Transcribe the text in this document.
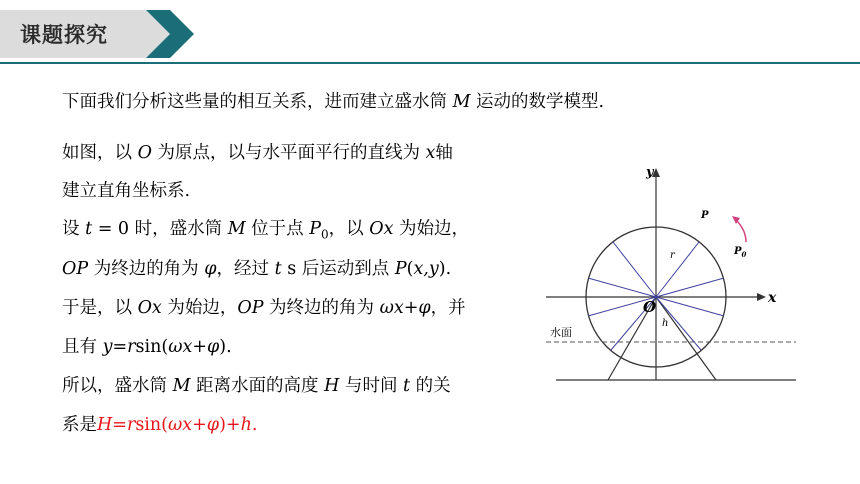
课题探究
下面我们分析这些量的相互关系，进而建立盛水筒 M 运动的数学模型.
如图，以 O 为原点，以与水平面平行的直线为 x轴
建立直角坐标系.
设 t = 0 时，盛水筒 M 位于点 $P_0$，以 Ox 为始边，
OP 为终边的角为 φ，经过 t s 后运动到点 P(x,y).
于是，以 Ox 为始边，OP 为终边的角为 ωx+φ，并
且有 y=rsin(ωx+φ).
所以，盛水筒 M 距离水面的高度 H 与时间 t 的关
系是H=rsin(ωx+φ)+h.
y
x
O
P
$P_0$
r
h
水面
